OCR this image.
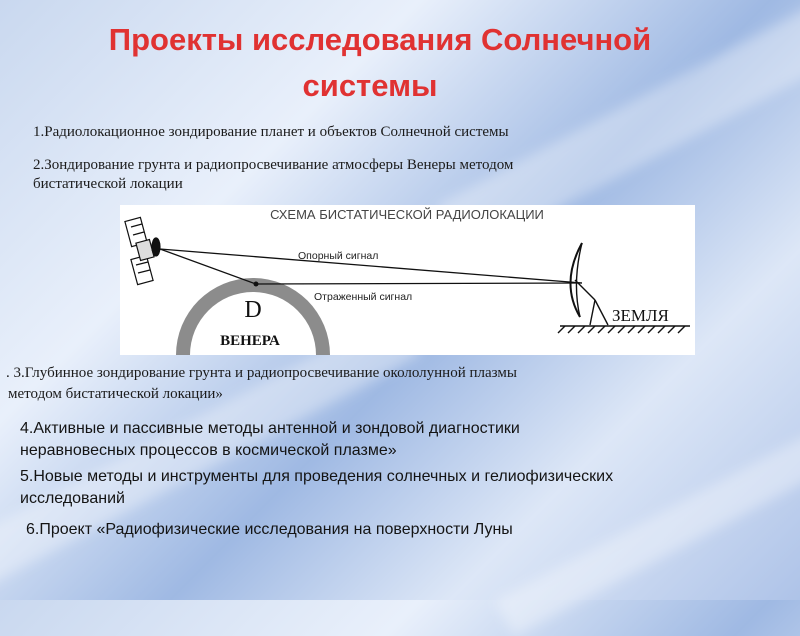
Проекты исследования Солнечной
системы
1.Радиолокационное зондирование планет и объектов Солнечной системы
2.Зондирование грунта и радиопросвечивание атмосферы Венеры методом
бистатической локации
СХЕМА БИСТАТИЧЕСКОЙ РАДИОЛОКАЦИИ
D
ВЕНЕРА
Опорный сигнал
Отраженный сигнал
ЗЕМЛЯ
. 3.Глубинное зондирование грунта и радиопросвечивание окололунной плазмы
методом бистатической локации»
4.Активные и пассивные методы антенной и зондовой диагностики
неравновесных процессов в космической плазме»
5.Новые методы и инструменты для проведения солнечных и гелиофизических
исследований
6.Проект «Радиофизические исследования на поверхности Луны
